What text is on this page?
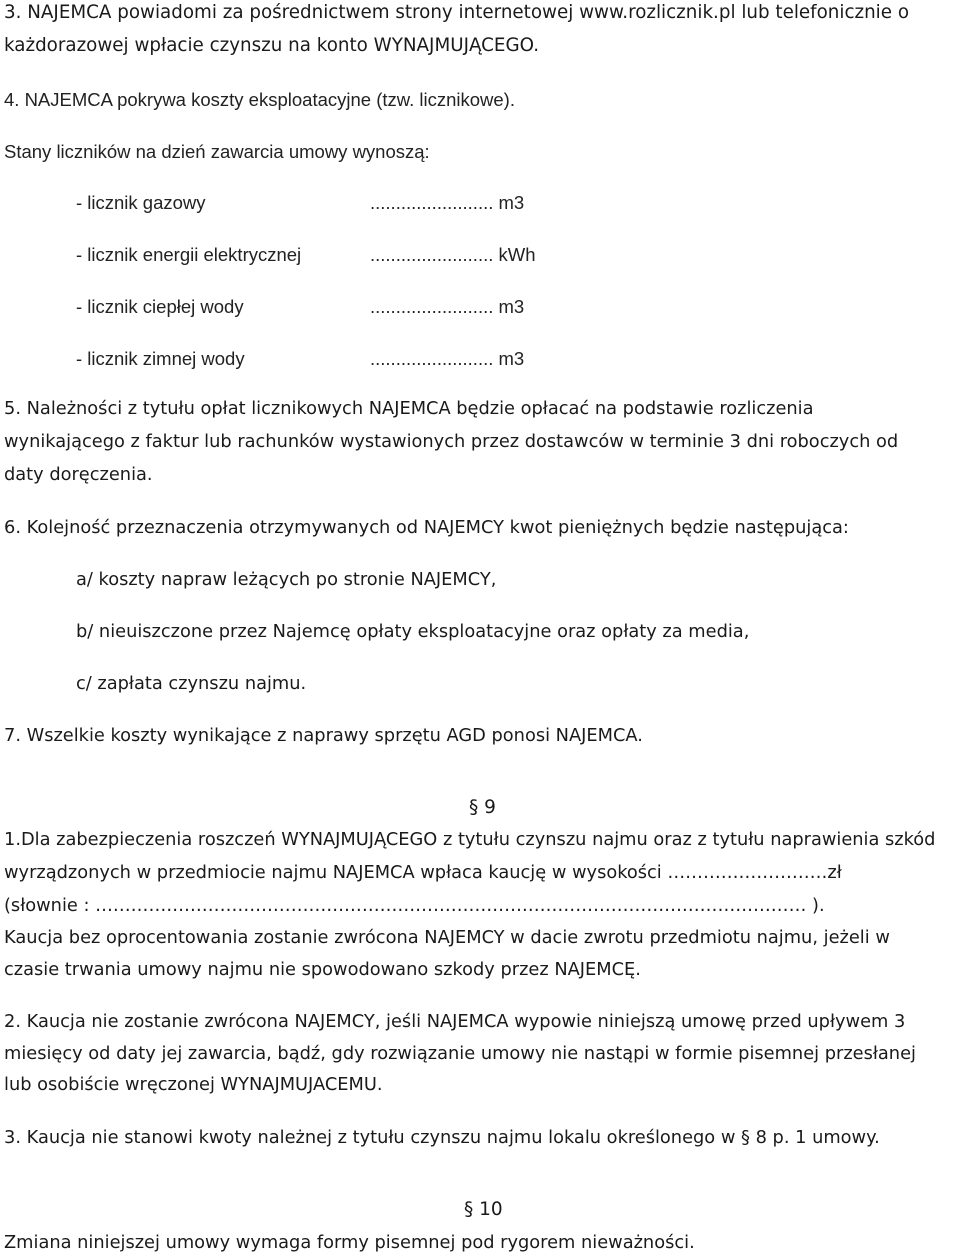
3. NAJEMCA powiadomi za pośrednictwem strony internetowej www.rozlicznik.pl lub telefonicznie o

każdorazowej wpłacie czynszu na konto WYNAJMUJĄCEGO.

4. NAJEMCA pokrywa koszty eksploatacyjne (tzw. licznikowe).

Stany liczników na dzień zawarcia umowy wynoszą:

- licznik gazowy	........................ m3
- licznik energii elektrycznej	........................ kWh
- licznik ciepłej wody	........................ m3
- licznik zimnej wody	........................ m3

5. Należności z tytułu opłat licznikowych NAJEMCA będzie opłacać na podstawie rozliczenia

wynikającego z faktur lub rachunków wystawionych przez dostawców w terminie 3 dni roboczych od

daty doręczenia.

6. Kolejność przeznaczenia otrzymywanych od NAJEMCY kwot pieniężnych będzie następująca:

a/ koszty napraw leżących po stronie NAJEMCY,

b/ nieuiszczone przez Najemcę opłaty eksploatacyjne oraz opłaty za media,

c/ zapłata czynszu najmu.

7. Wszelkie koszty wynikające z naprawy sprzętu AGD ponosi NAJEMCA.

§ 9

1.Dla zabezpieczenia roszczeń WYNAJMUJĄCEGO z tytułu czynszu najmu oraz z tytułu naprawienia szkód

wyrządzonych w przedmiocie najmu NAJEMCA wpłaca kaucję w wysokości ………………………zł

(słownie : ………………………………………………………………………………………………………… ).

Kaucja bez oprocentowania zostanie zwrócona NAJEMCY w dacie zwrotu przedmiotu najmu, jeżeli w

czasie trwania umowy najmu nie spowodowano szkody przez NAJEMCĘ.

2. Kaucja nie zostanie zwrócona NAJEMCY, jeśli NAJEMCA wypowie niniejszą umowę przed upływem 3

miesięcy od daty jej zawarcia, bądź, gdy rozwiązanie umowy nie nastąpi w formie pisemnej przesłanej

lub osobiście wręczonej WYNAJMUJACEMU.

3. Kaucja nie stanowi kwoty należnej z tytułu czynszu najmu lokalu określonego w § 8 p. 1 umowy.

§ 10

Zmiana niniejszej umowy wymaga formy pisemnej pod rygorem nieważności.
